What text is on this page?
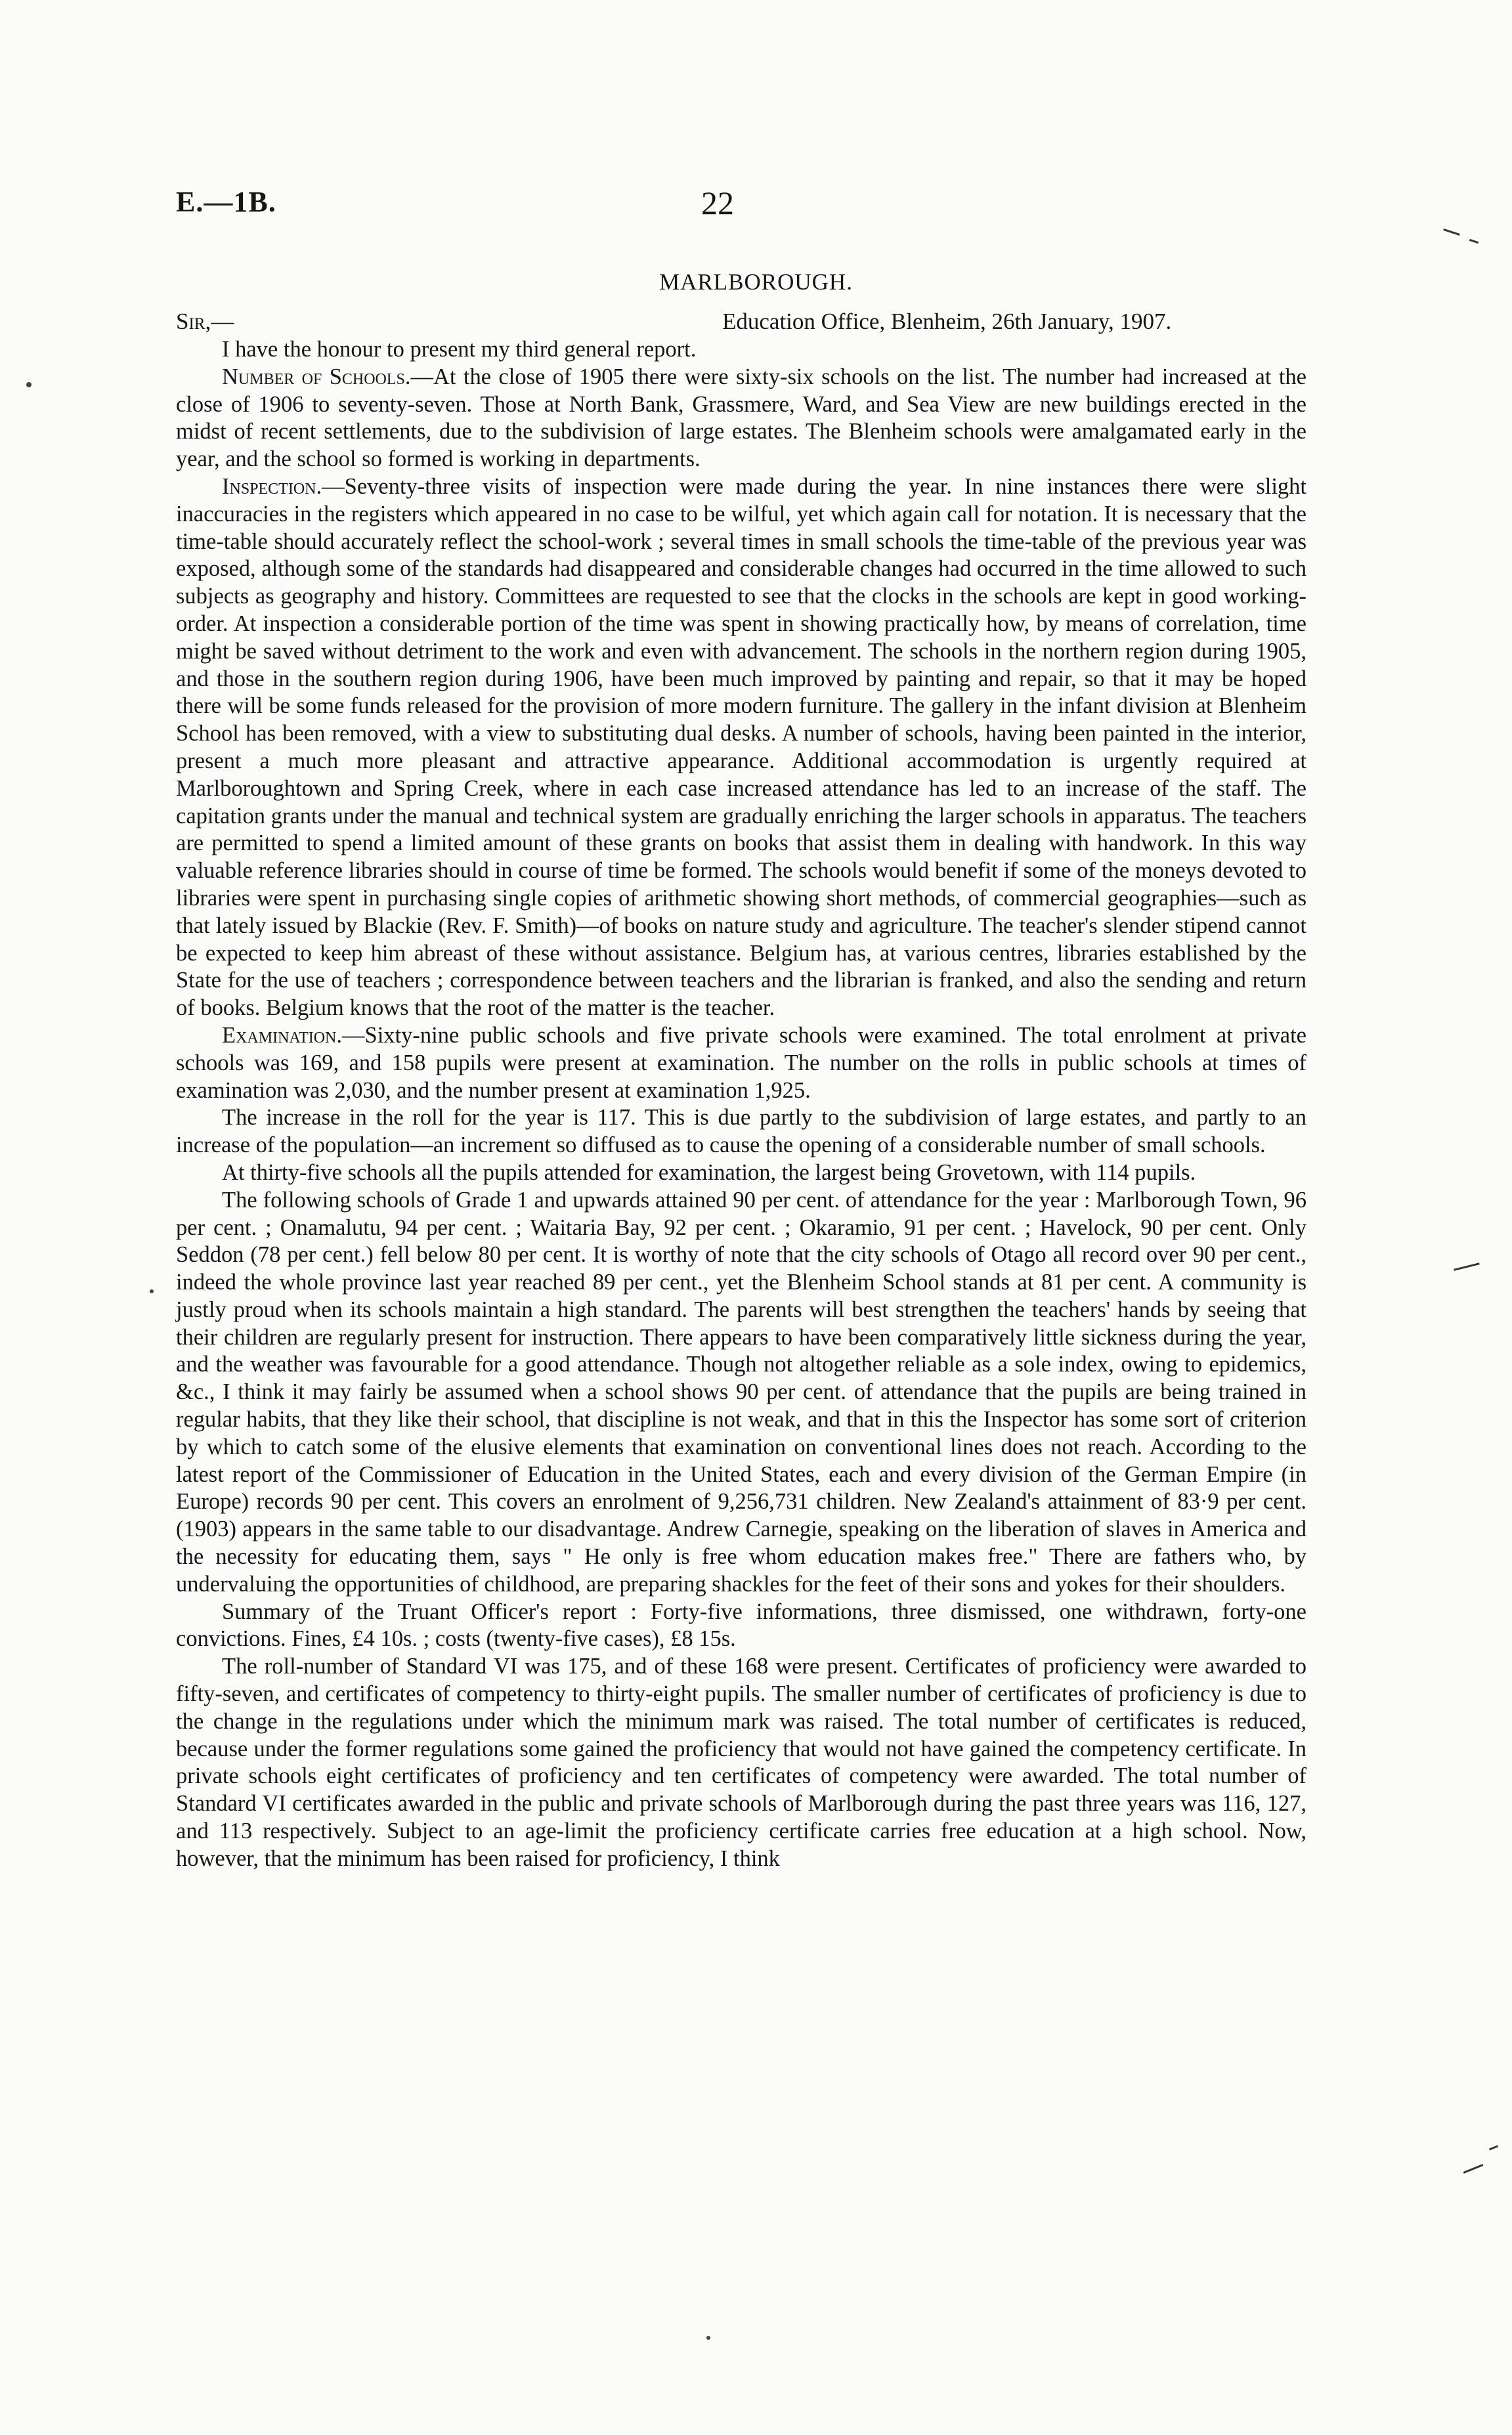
E.—1B.	22
MARLBOROUGH.
Sir,—	Education Office, Blenheim, 26th January, 1907.

I have the honour to present my third general report.

Number of Schools.—At the close of 1905 there were sixty-six schools on the list. The number had increased at the close of 1906 to seventy-seven. Those at North Bank, Grassmere, Ward, and Sea View are new buildings erected in the midst of recent settlements, due to the subdivision of large estates. The Blenheim schools were amalgamated early in the year, and the school so formed is working in departments.

Inspection.—Seventy-three visits of inspection were made during the year. In nine instances there were slight inaccuracies in the registers which appeared in no case to be wilful, yet which again call for notation. It is necessary that the time-table should accurately reflect the school-work ; several times in small schools the time-table of the previous year was exposed, although some of the standards had disappeared and considerable changes had occurred in the time allowed to such subjects as geography and history. Committees are requested to see that the clocks in the schools are kept in good working-order. At inspection a considerable portion of the time was spent in showing practically how, by means of correlation, time might be saved without detriment to the work and even with advancement. The schools in the northern region during 1905, and those in the southern region during 1906, have been much improved by painting and repair, so that it may be hoped there will be some funds released for the provision of more modern furniture. The gallery in the infant division at Blenheim School has been removed, with a view to substituting dual desks. A number of schools, having been painted in the interior, present a much more pleasant and attractive appearance. Additional accommodation is urgently required at Marlboroughtown and Spring Creek, where in each case increased attendance has led to an increase of the staff. The capitation grants under the manual and technical system are gradually enriching the larger schools in apparatus. The teachers are permitted to spend a limited amount of these grants on books that assist them in dealing with handwork. In this way valuable reference libraries should in course of time be formed. The schools would benefit if some of the moneys devoted to libraries were spent in purchasing single copies of arithmetic showing short methods, of commercial geographies—such as that lately issued by Blackie (Rev. F. Smith)—of books on nature study and agriculture. The teacher's slender stipend cannot be expected to keep him abreast of these without assistance. Belgium has, at various centres, libraries established by the State for the use of teachers ; correspondence between teachers and the librarian is franked, and also the sending and return of books. Belgium knows that the root of the matter is the teacher.

Examination.—Sixty-nine public schools and five private schools were examined. The total enrolment at private schools was 169, and 158 pupils were present at examination. The number on the rolls in public schools at times of examination was 2,030, and the number present at examination 1,925.

The increase in the roll for the year is 117. This is due partly to the subdivision of large estates, and partly to an increase of the population—an increment so diffused as to cause the opening of a considerable number of small schools.

At thirty-five schools all the pupils attended for examination, the largest being Grovetown, with 114 pupils.

The following schools of Grade 1 and upwards attained 90 per cent. of attendance for the year : Marlborough Town, 96 per cent. ; Onamalutu, 94 per cent. ; Waitaria Bay, 92 per cent. ; Okaramio, 91 per cent. ; Havelock, 90 per cent. Only Seddon (78 per cent.) fell below 80 per cent. It is worthy of note that the city schools of Otago all record over 90 per cent., indeed the whole province last year reached 89 per cent., yet the Blenheim School stands at 81 per cent. A community is justly proud when its schools maintain a high standard. The parents will best strengthen the teachers' hands by seeing that their children are regularly present for instruction. There appears to have been comparatively little sickness during the year, and the weather was favourable for a good attendance. Though not altogether reliable as a sole index, owing to epidemics, &c., I think it may fairly be assumed when a school shows 90 per cent. of attendance that the pupils are being trained in regular habits, that they like their school, that discipline is not weak, and that in this the Inspector has some sort of criterion by which to catch some of the elusive elements that examination on conventional lines does not reach. According to the latest report of the Commissioner of Education in the United States, each and every division of the German Empire (in Europe) records 90 per cent. This covers an enrolment of 9,256,731 children. New Zealand's attainment of 83·9 per cent. (1903) appears in the same table to our disadvantage. Andrew Carnegie, speaking on the liberation of slaves in America and the necessity for educating them, says " He only is free whom education makes free." There are fathers who, by undervaluing the opportunities of childhood, are preparing shackles for the feet of their sons and yokes for their shoulders.

Summary of the Truant Officer's report : Forty-five informations, three dismissed, one withdrawn, forty-one convictions. Fines, £4 10s. ; costs (twenty-five cases), £8 15s.

The roll-number of Standard VI was 175, and of these 168 were present. Certificates of proficiency were awarded to fifty-seven, and certificates of competency to thirty-eight pupils. The smaller number of certificates of proficiency is due to the change in the regulations under which the minimum mark was raised. The total number of certificates is reduced, because under the former regulations some gained the proficiency that would not have gained the competency certificate. In private schools eight certificates of proficiency and ten certificates of competency were awarded. The total number of Standard VI certificates awarded in the public and private schools of Marlborough during the past three years was 116, 127, and 113 respectively. Subject to an age-limit the proficiency certificate carries free education at a high school. Now, however, that the minimum has been raised for proficiency, I think
